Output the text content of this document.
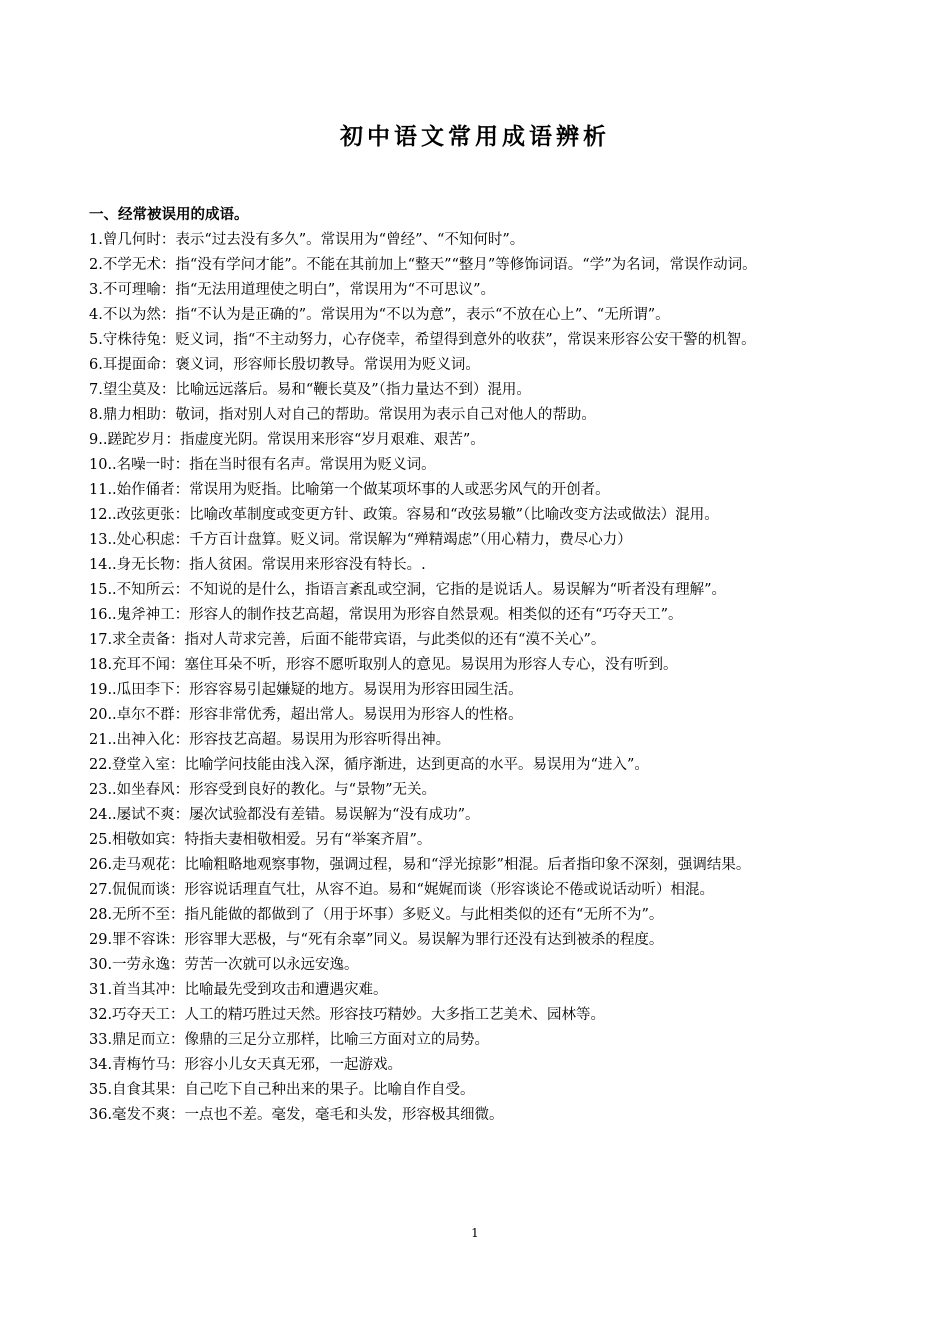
初中语文常用成语辨析
一、经常被误用的成语。
1.曾几何时：表示“过去没有多久”。常误用为“曾经”、“不知何时”。
2.不学无术：指“没有学问才能”。不能在其前加上“整天”“整月”等修饰词语。“学”为名词，常误作动词。
3.不可理喻：指“无法用道理使之明白”，常误用为“不可思议”。
4.不以为然：指“不认为是正确的”。常误用为“不以为意”，表示“不放在心上”、“无所谓”。
5.守株待兔：贬义词，指“不主动努力，心存侥幸，希望得到意外的收获”，常误来形容公安干警的机智。
6.耳提面命：褒义词，形容师长殷切教导。常误用为贬义词。
7.望尘莫及：比喻远远落后。易和“鞭长莫及”（指力量达不到）混用。
8.鼎力相助：敬词，指对别人对自己的帮助。常误用为表示自己对他人的帮助。
9..蹉跎岁月：指虚度光阴。常误用来形容“岁月艰难、艰苦”。
10..名噪一时：指在当时很有名声。常误用为贬义词。
11..始作俑者：常误用为贬指。比喻第一个做某项坏事的人或恶劣风气的开创者。
12..改弦更张：比喻改革制度或变更方针、政策。容易和“改弦易辙”（比喻改变方法或做法）混用。
13..处心积虑：千方百计盘算。贬义词。常误解为“殚精竭虑”（用心精力，费尽心力）
14..身无长物：指人贫困。常误用来形容没有特长。.
15..不知所云：不知说的是什么，指语言紊乱或空洞，它指的是说话人。易误解为“听者没有理解”。
16..鬼斧神工：形容人的制作技艺高超，常误用为形容自然景观。相类似的还有“巧夺天工”。
17.求全责备：指对人苛求完善，后面不能带宾语，与此类似的还有“漠不关心”。
18.充耳不闻：塞住耳朵不听，形容不愿听取别人的意见。易误用为形容人专心，没有听到。
19..瓜田李下：形容容易引起嫌疑的地方。易误用为形容田园生活。
20..卓尔不群：形容非常优秀，超出常人。易误用为形容人的性格。
21..出神入化：形容技艺高超。易误用为形容听得出神。
22.登堂入室：比喻学问技能由浅入深，循序渐进，达到更高的水平。易误用为“进入”。
23..如坐春风：形容受到良好的教化。与“景物”无关。
24..屡试不爽：屡次试验都没有差错。易误解为“没有成功”。
25.相敬如宾：特指夫妻相敬相爱。另有“举案齐眉”。
26.走马观花：比喻粗略地观察事物，强调过程，易和“浮光掠影”相混。后者指印象不深刻，强调结果。
27.侃侃而谈：形容说话理直气壮，从容不迫。易和“娓娓而谈（形容谈论不倦或说话动听）相混。
28.无所不至：指凡能做的都做到了（用于坏事）多贬义。与此相类似的还有“无所不为”。
29.罪不容诛：形容罪大恶极，与“死有余辜”同义。易误解为罪行还没有达到被杀的程度。
30.一劳永逸：劳苦一次就可以永远安逸。
31.首当其冲：比喻最先受到攻击和遭遇灾难。
32.巧夺天工：人工的精巧胜过天然。形容技巧精妙。大多指工艺美术、园林等。
33.鼎足而立：像鼎的三足分立那样，比喻三方面对立的局势。
34.青梅竹马：形容小儿女天真无邪，一起游戏。
35.自食其果：自己吃下自己种出来的果子。比喻自作自受。
36.毫发不爽：一点也不差。毫发，毫毛和头发，形容极其细微。
1
